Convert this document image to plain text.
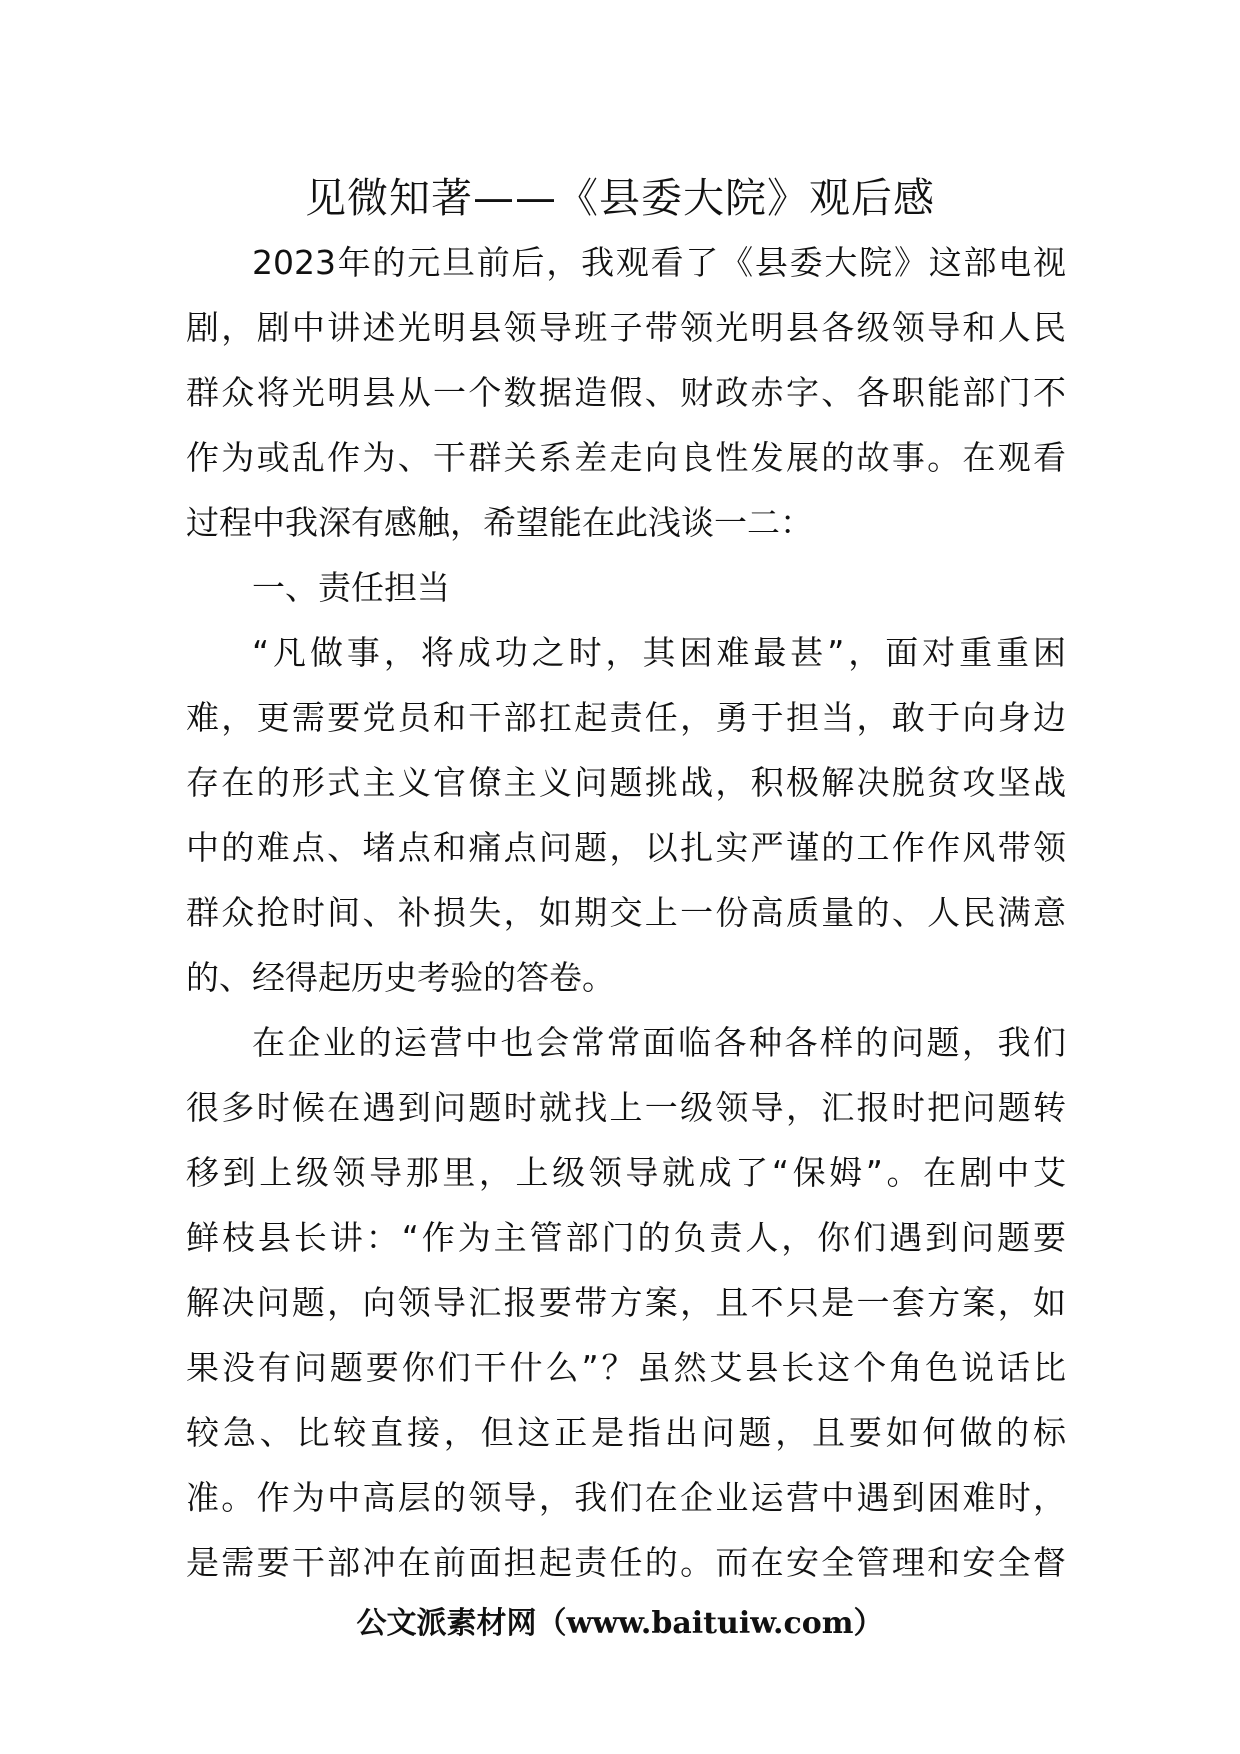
见微知著——《县委大院》观后感
2023年的元旦前后，我观看了《县委大院》这部电视
剧，剧中讲述光明县领导班子带领光明县各级领导和人民
群众将光明县从一个数据造假、财政赤字、各职能部门不
作为或乱作为、干群关系差走向良性发展的故事。在观看
过程中我深有感触，希望能在此浅谈一二：
一、责任担当
“凡做事，将成功之时，其困难最甚”，面对重重困
难，更需要党员和干部扛起责任，勇于担当，敢于向身边
存在的形式主义官僚主义问题挑战，积极解决脱贫攻坚战
中的难点、堵点和痛点问题，以扎实严谨的工作作风带领
群众抢时间、补损失，如期交上一份高质量的、人民满意
的、经得起历史考验的答卷。
在企业的运营中也会常常面临各种各样的问题，我们
很多时候在遇到问题时就找上一级领导，汇报时把问题转
移到上级领导那里，上级领导就成了“保姆”。在剧中艾
鲜枝县长讲：“作为主管部门的负责人，你们遇到问题要
解决问题，向领导汇报要带方案，且不只是一套方案，如
果没有问题要你们干什么”？虽然艾县长这个角色说话比
较急、比较直接，但这正是指出问题，且要如何做的标
准。作为中高层的领导，我们在企业运营中遇到困难时，
是需要干部冲在前面担起责任的。而在安全管理和安全督
公文派素材网（www.baituiw.com）
